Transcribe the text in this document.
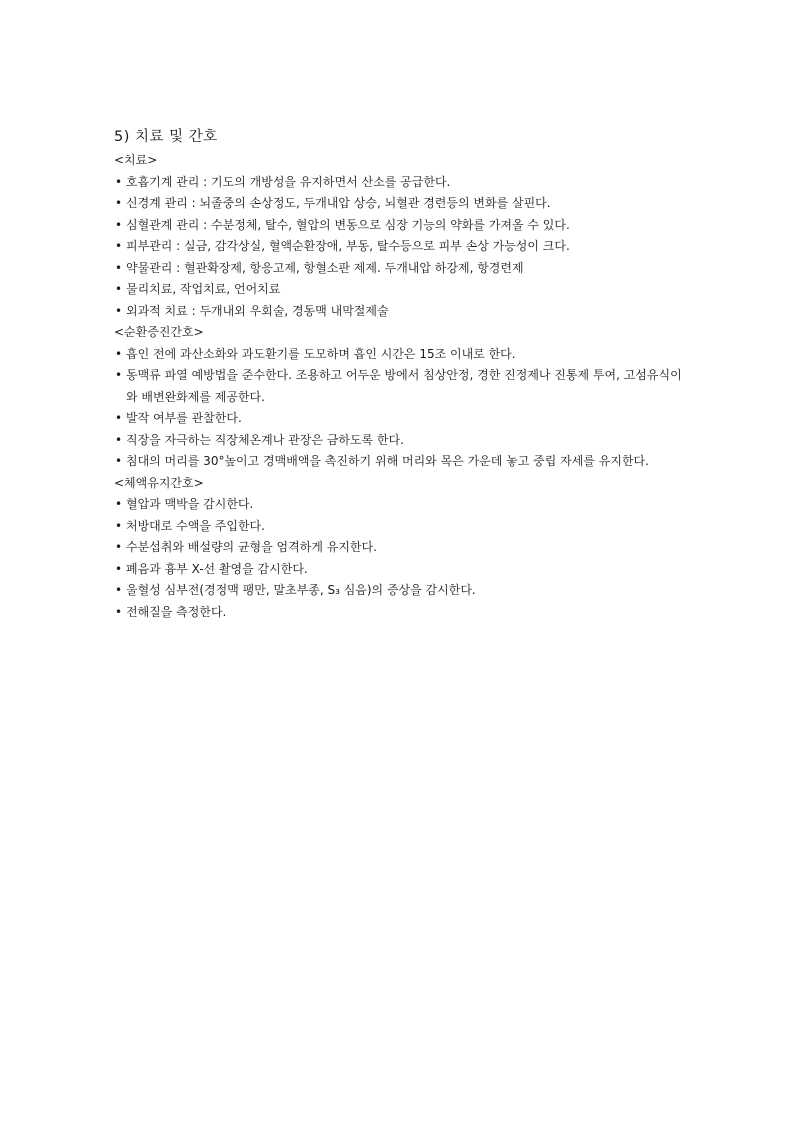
5) 치료 및 간호

<치료>

• 호흡기계 관리 : 기도의 개방성을 유지하면서 산소를 공급한다.

• 신경계 관리 : 뇌졸중의 손상정도, 두개내압 상승, 뇌혈관 경련등의 변화를 살핀다.

• 심혈관계 관리 : 수분정체, 탈수, 혈압의 변동으로 심장 기능의 약화를 가져올 수 있다.

• 피부관리 : 실금, 감각상실, 혈액순환장애, 부동, 탈수등으로 피부 손상 가능성이 크다.

• 약물관리 : 혈관확장제, 항응고제, 항혈소판 제제. 두개내압 하강제, 항경련제

• 물리치료, 작업치료, 언어치료

• 외과적 치료 : 두개내외 우회술, 경동맥 내막절제술

<순환증진간호>

• 흡인 전에 과산소화와 과도환기를 도모하며 흡인 시간은 15조 이내로 한다.

• 동맥류 파열 예방법을 준수한다. 조용하고 어두운 방에서 침상안정, 경한 진정제나 진통제 투여, 고섬유식이와 배변완화제를 제공한다.

• 발작 여부를 관찰한다.

• 직장을 자극하는 직장체온계나 관장은 금하도록 한다.

• 침대의 머리를 30°높이고 경맥배액을 촉진하기 위해 머리와 목은 가운데 놓고 중립 자세를 유지한다.

<체액유지간호>

• 혈압과 맥박을 감시한다.

• 처방대로 수액을 주입한다.

• 수분섭취와 배설량의 균형을 엄격하게 유지한다.

• 폐음과 흉부 X-선 촬영을 감시한다.

• 울혈성 심부전(경정맥 팽만, 말초부종, S₃ 심음)의 증상을 감시한다.

• 전해질을 측정한다.
